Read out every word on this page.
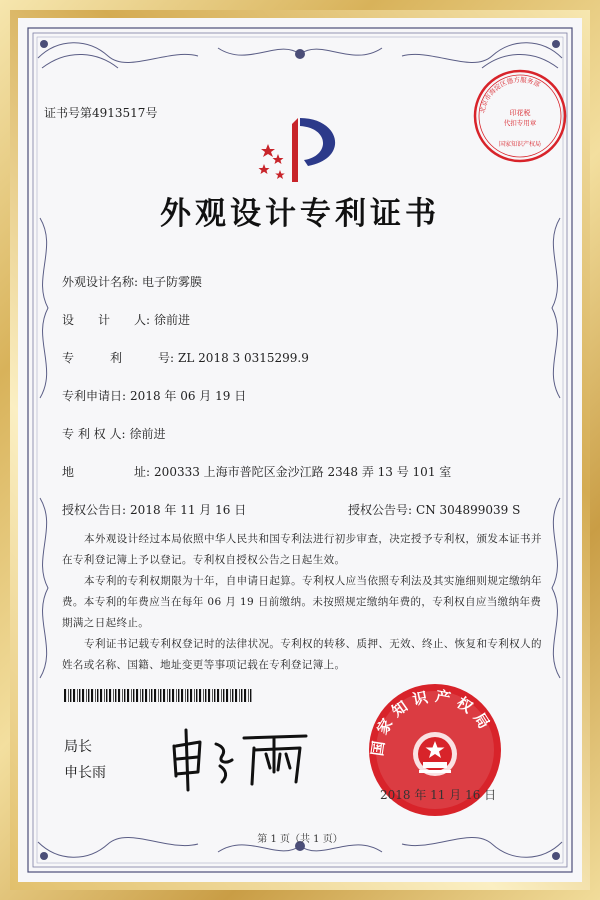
证书号第4913517号	北京市海淀区德方服务部
印花税
代扣专用章
国家知识产权局
外观设计专利证书
外观设计名称: 电子防雾膜
设　　计　　人: 徐前进
专　　　利　　　号: ZL 2018 3 0315299.9
专利申请日: 2018 年 06 月 19 日
专 利 权 人: 徐前进
地　　　　　址: 200333 上海市普陀区金沙江路 2348 弄 13 号 101 室
授权公告日: 2018 年 11 月 16 日	授权公告号: CN 304899039 S
本外观设计经过本局依照中华人民共和国专利法进行初步审查，决定授予专利权，颁发本证书并在专利登记簿上予以登记。专利权自授权公告之日起生效。
本专利的专利权期限为十年，自申请日起算。专利权人应当依照专利法及其实施细则规定缴纳年费。本专利的年费应当在每年 06 月 19 日前缴纳。未按照规定缴纳年费的，专利权自应当缴纳年费期满之日起终止。
专利证书记载专利权登记时的法律状况。专利权的转移、质押、无效、终止、恢复和专利权人的姓名或名称、国籍、地址变更等事项记载在专利登记簿上。
局长
申长雨
国家知识产权局
2018 年 11 月 16 日
第 1 页（共 1 页）
